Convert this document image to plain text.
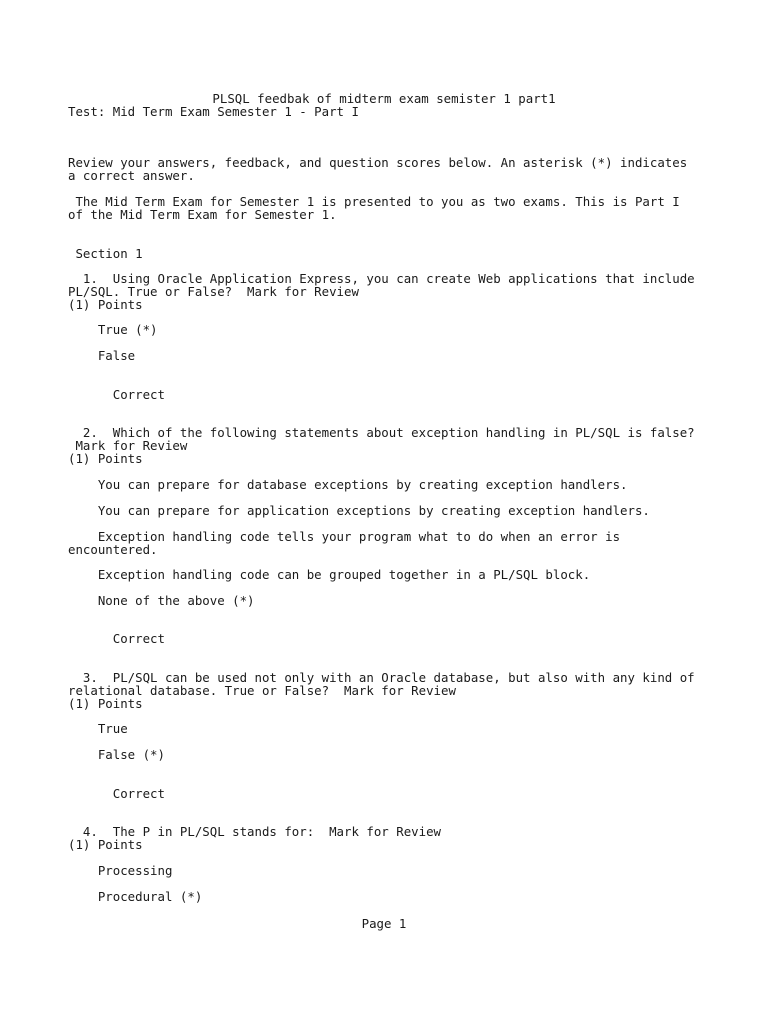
PLSQL feedbak of midterm exam semister 1 part1
Test: Mid Term Exam Semester 1 - Part I
Review your answers, feedback, and question scores below. An asterisk (*) indicates
a correct answer.
The Mid Term Exam for Semester 1 is presented to you as two exams. This is Part I
of the Mid Term Exam for Semester 1.
Section 1
1.  Using Oracle Application Express, you can create Web applications that include
PL/SQL. True or False?  Mark for Review
(1) Points
True (*)
False
Correct
2.  Which of the following statements about exception handling in PL/SQL is false?
Mark for Review
(1) Points
You can prepare for database exceptions by creating exception handlers.
You can prepare for application exceptions by creating exception handlers.
Exception handling code tells your program what to do when an error is
encountered.
Exception handling code can be grouped together in a PL/SQL block.
None of the above (*)
Correct
3.  PL/SQL can be used not only with an Oracle database, but also with any kind of
relational database. True or False?  Mark for Review
(1) Points
True
False (*)
Correct
4.  The P in PL/SQL stands for:  Mark for Review
(1) Points
Processing
Procedural (*)
Page 1
